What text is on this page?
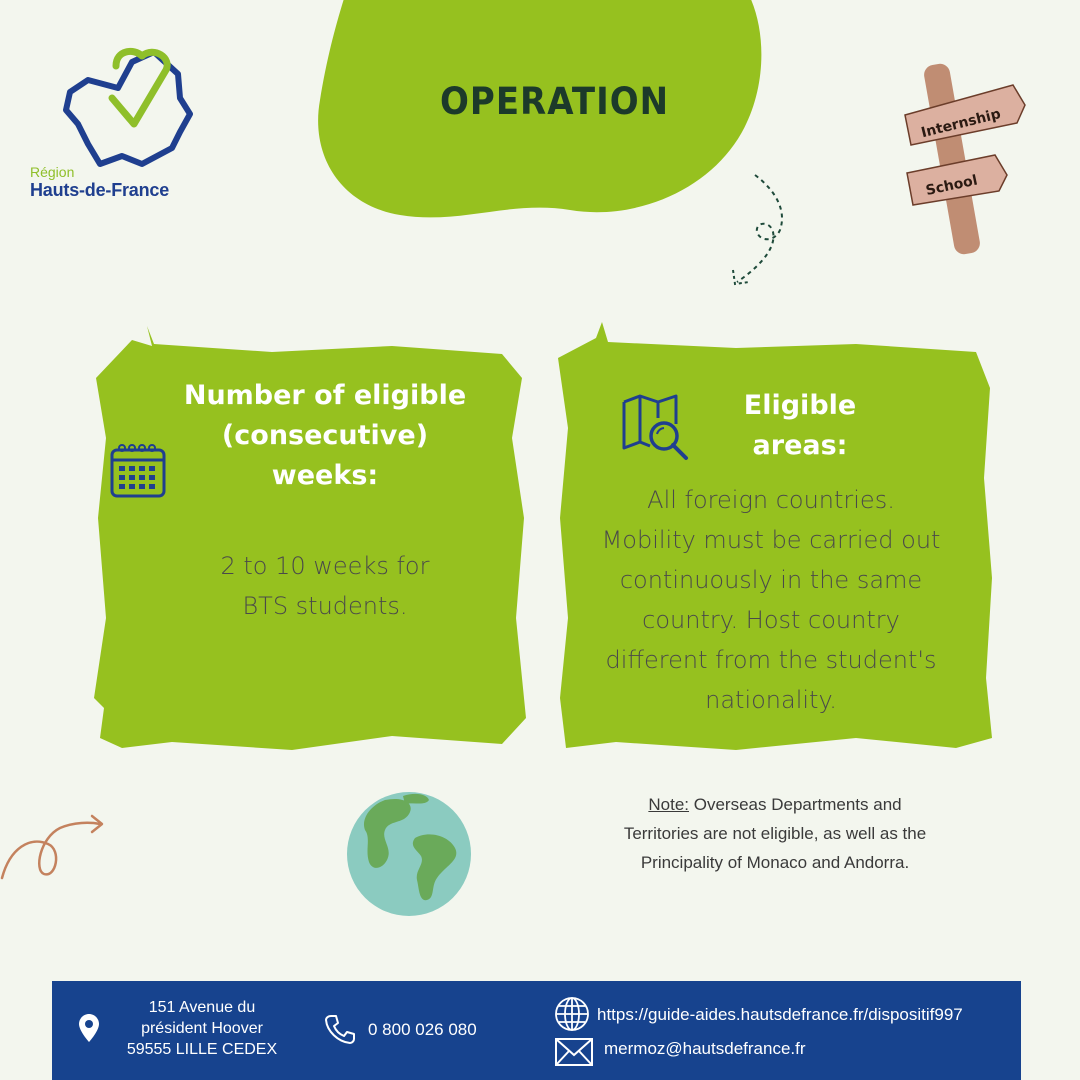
Région
Hauts-de-France
OPERATION	Internship
School
Number of eligible
(consecutive)
weeks:
2 to 10 weeks for
BTS students.
Eligible
areas:
All foreign countries.
Mobility must be carried out
continuously in the same
country. Host country
different from the student's
nationality.
Note: Overseas Departments and
Territories are not eligible, as well as the
Principality of Monaco and Andorra.
151 Avenue du
président Hoover
59555 LILLE CEDEX
0 800 026 080
https://guide-aides.hautsdefrance.fr/dispositif997
mermoz@hautsdefrance.fr
